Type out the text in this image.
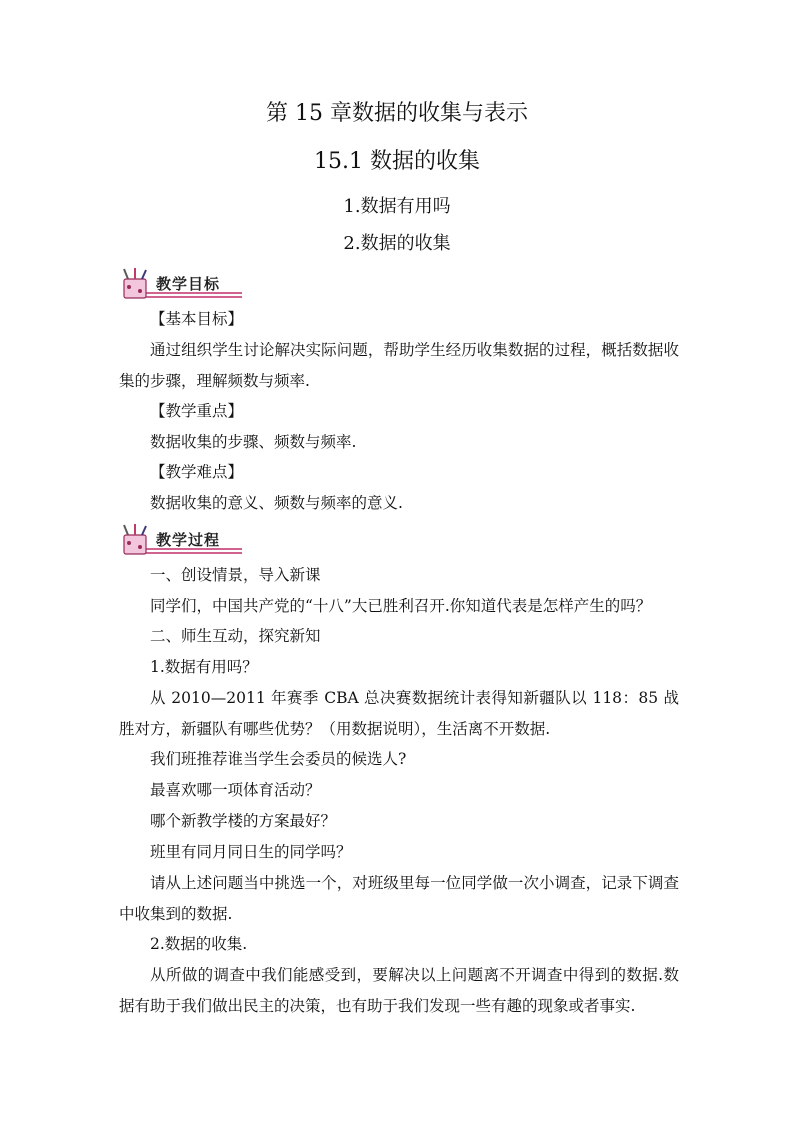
第 15 章数据的收集与表示
15.1 数据的收集
1.数据有用吗
2.数据的收集
教学目标

【基本目标】

通过组织学生讨论解决实际问题，帮助学生经历收集数据的过程，概括数据收集的步骤，理解频数与频率.

【教学重点】

数据收集的步骤、频数与频率.

【教学难点】

数据收集的意义、频数与频率的意义.

教学过程

一、创设情景，导入新课

同学们，中国共产党的“十八”大已胜利召开.你知道代表是怎样产生的吗？

二、师生互动，探究新知

1.数据有用吗？

从 2010—2011 年赛季 CBA 总决赛数据统计表得知新疆队以 118：85 战胜对方，新疆队有哪些优势？（用数据说明），生活离不开数据.

我们班推荐谁当学生会委员的候选人?

最喜欢哪一项体育活动？

哪个新教学楼的方案最好？

班里有同月同日生的同学吗？

请从上述问题当中挑选一个，对班级里每一位同学做一次小调查，记录下调查中收集到的数据.

2.数据的收集.

从所做的调查中我们能感受到，要解决以上问题离不开调查中得到的数据.数据有助于我们做出民主的决策，也有助于我们发现一些有趣的现象或者事实.
